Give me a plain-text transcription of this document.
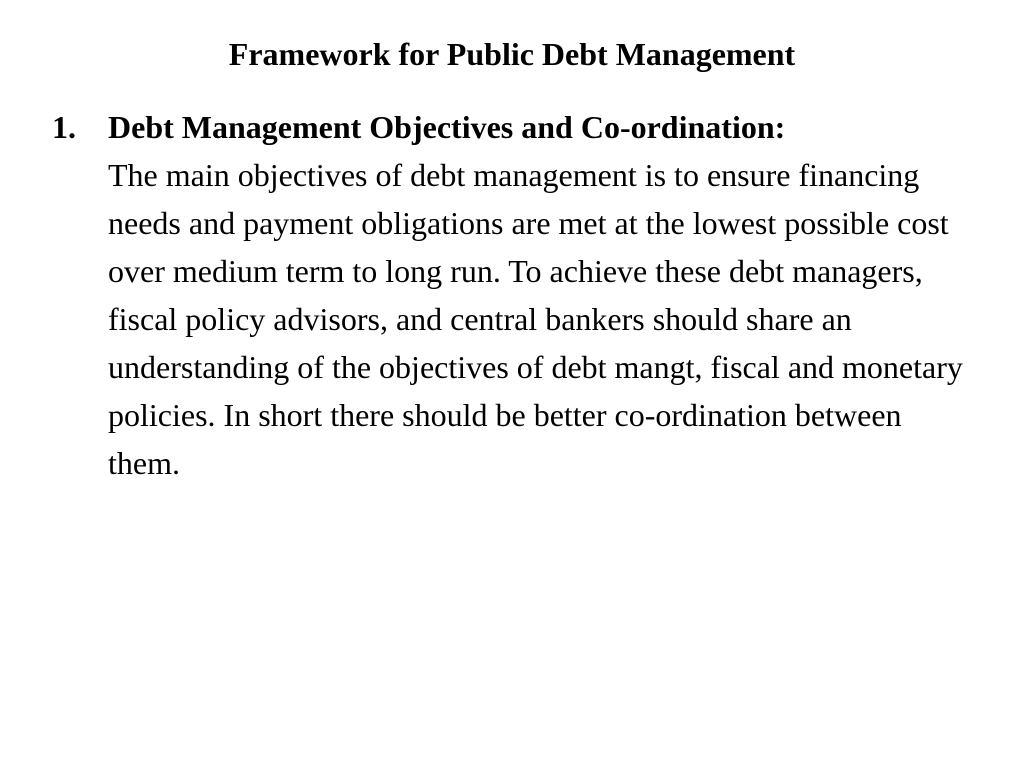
Framework for Public Debt Management
1. Debt Management Objectives and Co-ordination:
The main objectives of debt management is to ensure financing needs and payment obligations are met at the lowest possible cost over medium term to long run. To achieve these debt managers, fiscal policy advisors, and central bankers should share an understanding of the objectives of debt mangt, fiscal and monetary policies. In short there should be better co-ordination between them.
